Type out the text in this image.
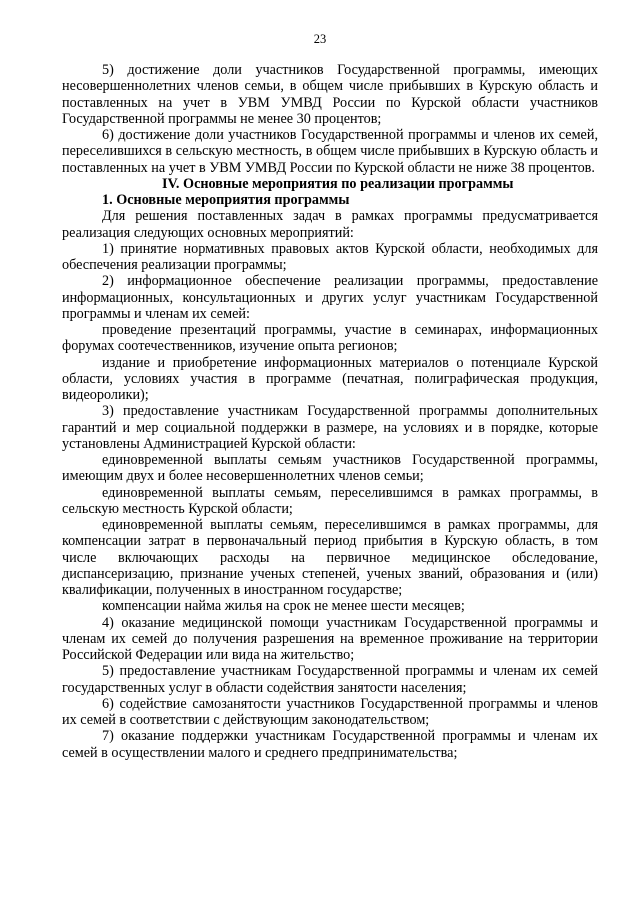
23

5) достижение доли участников Государственной программы, имеющих несовершеннолетних членов семьи, в общем числе прибывших в Курскую область и поставленных на учет в УВМ УМВД России по Курской области участников Государственной программы не менее 30 процентов;

6) достижение доли участников Государственной программы и членов их семей, переселившихся в сельскую местность, в общем числе прибывших в Курскую область и поставленных на учет в УВМ УМВД России по Курской области не ниже 38 процентов.

IV. Основные мероприятия по реализации программы

1. Основные мероприятия программы

Для решения поставленных задач в рамках программы предусматривается реализация следующих основных мероприятий:

1) принятие нормативных правовых актов Курской области, необходимых для обеспечения реализации программы;

2) информационное обеспечение реализации программы, предоставление информационных, консультационных и других услуг участникам Государственной программы и членам их семей:

проведение презентаций программы, участие в семинарах, информационных форумах соотечественников, изучение опыта регионов;

издание и приобретение информационных материалов о потенциале Курской области, условиях участия в программе (печатная, полиграфическая продукция, видеоролики);

3) предоставление участникам Государственной программы дополнительных гарантий и мер социальной поддержки в размере, на условиях и в порядке, которые установлены Администрацией Курской области:

единовременной выплаты семьям участников Государственной программы, имеющим двух и более несовершеннолетних членов семьи;

единовременной выплаты семьям, переселившимся в рамках программы, в сельскую местность Курской области;

единовременной выплаты семьям, переселившимся в рамках программы, для компенсации затрат в первоначальный период прибытия в Курскую область, в том числе включающих расходы на первичное медицинское обследование, диспансеризацию, признание ученых степеней, ученых званий, образования и (или) квалификации, полученных в иностранном государстве;

компенсации найма жилья на срок не менее шести месяцев;

4) оказание медицинской помощи участникам Государственной программы и членам их семей до получения разрешения на временное проживание на территории Российской Федерации или вида на жительство;

5) предоставление участникам Государственной программы и членам их семей государственных услуг в области содействия занятости населения;

6) содействие самозанятости участников Государственной программы и членов их семей в соответствии с действующим законодательством;

7) оказание поддержки участникам Государственной программы и членам их семей в осуществлении малого и среднего предпринимательства;
